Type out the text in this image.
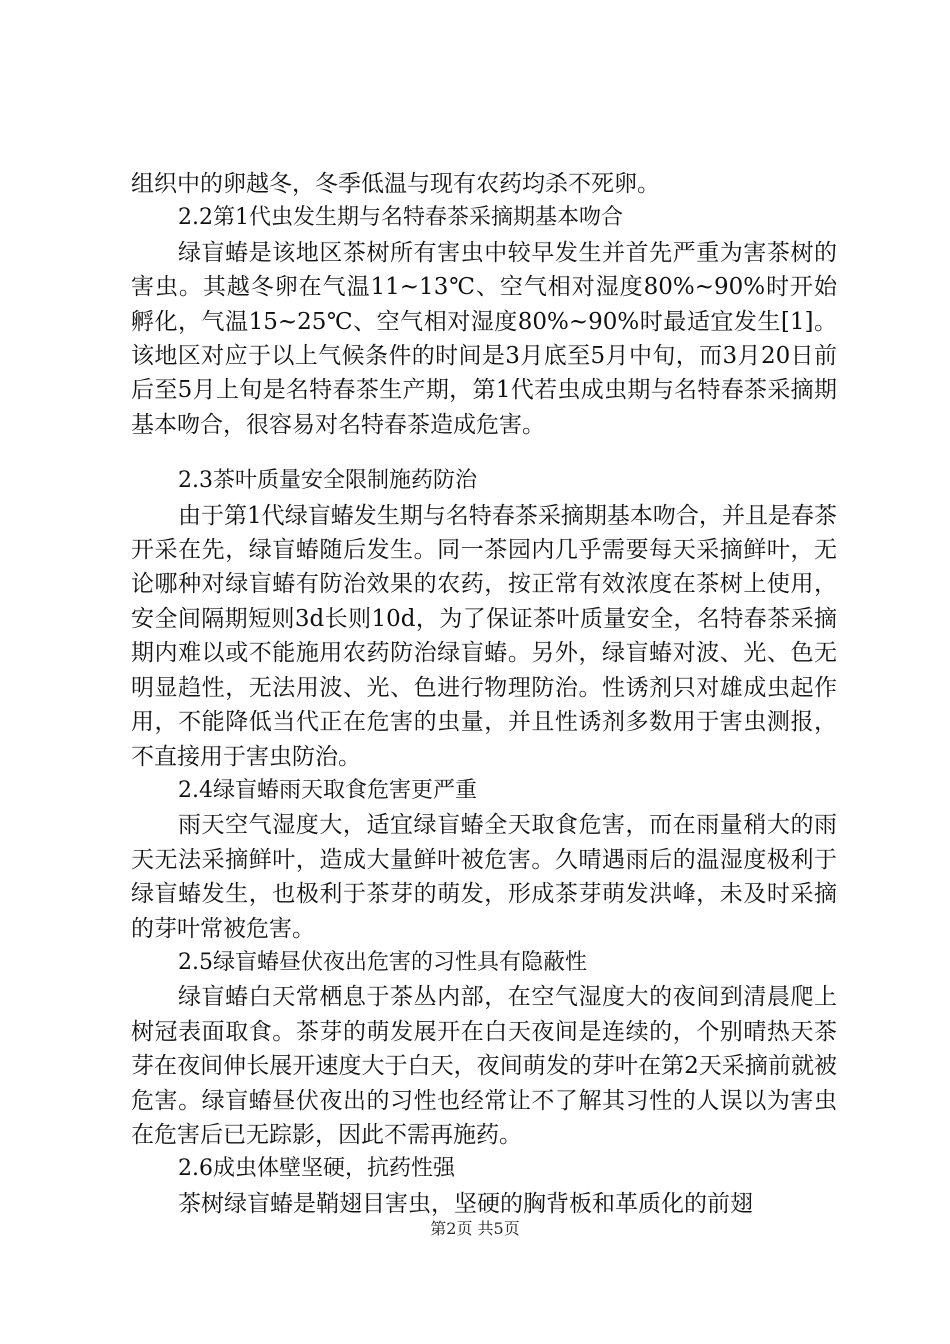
组织中的卵越冬，冬季低温与现有农药均杀不死卵。

2.2第1代虫发生期与名特春茶采摘期基本吻合

绿盲蝽是该地区茶树所有害虫中较早发生并首先严重为害茶树的害虫。其越冬卵在气温11~13℃、空气相对湿度80%~90%时开始孵化，气温15~25℃、空气相对湿度80%~90%时最适宜发生[1]。该地区对应于以上气候条件的时间是3月底至5月中旬，而3月20日前后至5月上旬是名特春茶生产期，第1代若虫成虫期与名特春茶采摘期基本吻合，很容易对名特春茶造成危害。

2.3茶叶质量安全限制施药防治

由于第1代绿盲蝽发生期与名特春茶采摘期基本吻合，并且是春茶开采在先，绿盲蝽随后发生。同一茶园内几乎需要每天采摘鲜叶，无论哪种对绿盲蝽有防治效果的农药，按正常有效浓度在茶树上使用，安全间隔期短则3d长则10d，为了保证茶叶质量安全，名特春茶采摘期内难以或不能施用农药防治绿盲蝽。另外，绿盲蝽对波、光、色无明显趋性，无法用波、光、色进行物理防治。性诱剂只对雄成虫起作用，不能降低当代正在危害的虫量，并且性诱剂多数用于害虫测报，不直接用于害虫防治。

2.4绿盲蝽雨天取食危害更严重

雨天空气湿度大，适宜绿盲蝽全天取食危害，而在雨量稍大的雨天无法采摘鲜叶，造成大量鲜叶被危害。久晴遇雨后的温湿度极利于绿盲蝽发生，也极利于茶芽的萌发，形成茶芽萌发洪峰，未及时采摘的芽叶常被危害。

2.5绿盲蝽昼伏夜出危害的习性具有隐蔽性

绿盲蝽白天常栖息于茶丛内部，在空气湿度大的夜间到清晨爬上树冠表面取食。茶芽的萌发展开在白天夜间是连续的，个别晴热天茶芽在夜间伸长展开速度大于白天，夜间萌发的芽叶在第2天采摘前就被危害。绿盲蝽昼伏夜出的习性也经常让不了解其习性的人误以为害虫在危害后已无踪影，因此不需再施药。

2.6成虫体壁坚硬，抗药性强

茶树绿盲蝽是鞘翅目害虫，坚硬的胸背板和革质化的前翅

第2页 共5页
